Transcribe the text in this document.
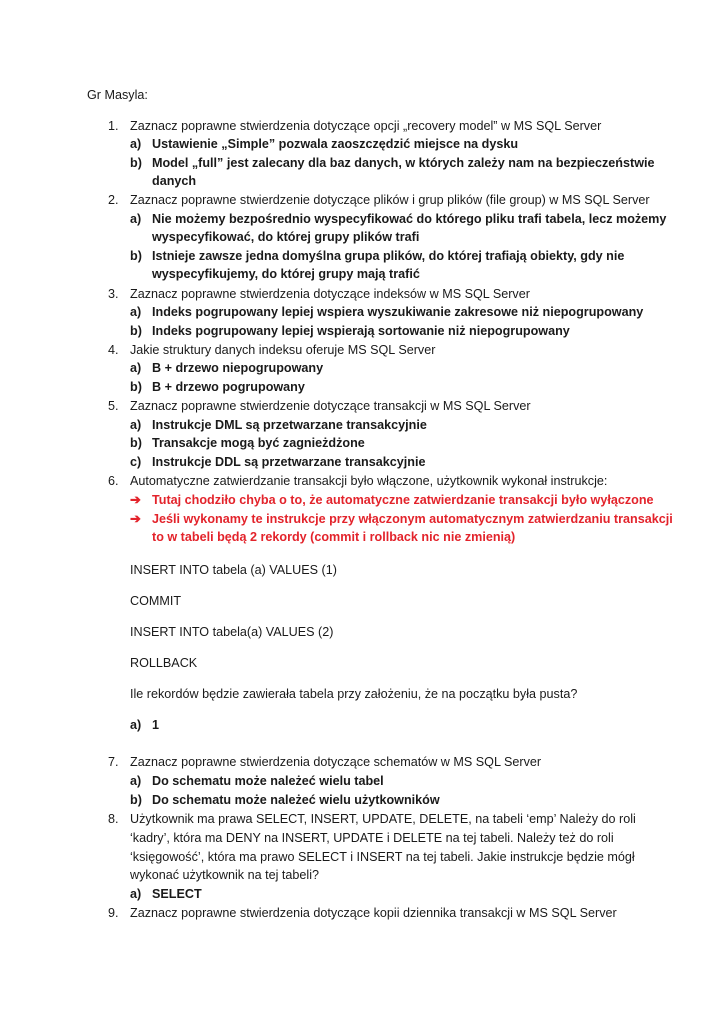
Gr Masyla:
1. Zaznacz poprawne stwierdzenia dotyczące opcji „recovery model” w MS SQL Server
a) Ustawienie „Simple” pozwala zaoszczędzić miejsce na dysku
b) Model „full” jest zalecany dla baz danych, w których zależy nam na bezpieczeństwie
danych
2. Zaznacz poprawne stwierdzenie dotyczące plików i grup plików (file group) w MS SQL Server
a) Nie możemy bezpośrednio wyspecyfikować do którego pliku trafi tabela, lecz możemy
wyspecyfikować, do której grupy plików trafi
b) Istnieje zawsze jedna domyślna grupa plików, do której trafiają obiekty, gdy nie
wyspecyfikujemy, do której grupy mają trafić
3. Zaznacz poprawne stwierdzenia dotyczące indeksów w MS SQL Server
a) Indeks pogrupowany lepiej wspiera wyszukiwanie zakresowe niż niepogrupowany
b) Indeks pogrupowany lepiej wspierają sortowanie niż niepogrupowany
4. Jakie struktury danych indeksu oferuje MS SQL Server
a) B + drzewo niepogrupowany
b) B + drzewo pogrupowany
5. Zaznacz poprawne stwierdzenie dotyczące transakcji w MS SQL Server
a) Instrukcje DML są przetwarzane transakcyjnie
b) Transakcje mogą być zagnieżdżone
c) Instrukcje DDL są przetwarzane transakcyjnie
6. Automatyczne zatwierdzanie transakcji było włączone, użytkownik wykonał instrukcje:
➔ Tutaj chodziło chyba o to, że automatyczne zatwierdzanie transakcji było wyłączone
➔ Jeśli wykonamy te instrukcje przy włączonym automatycznym zatwierdzaniu transakcji
to w tabeli będą 2 rekordy (commit i rollback nic nie zmienią)
INSERT INTO tabela (a) VALUES (1)
COMMIT
INSERT INTO tabela(a) VALUES (2)
ROLLBACK
Ile rekordów będzie zawierała tabela przy założeniu, że na początku była pusta?
a) 1
7. Zaznacz poprawne stwierdzenia dotyczące schematów w MS SQL Server
a) Do schematu może należeć wielu tabel
b) Do schematu może należeć wielu użytkowników
8. Użytkownik ma prawa SELECT, INSERT, UPDATE, DELETE, na tabeli ‘emp’ Należy do roli
‘kadry’, która ma DENY na INSERT, UPDATE i DELETE na tej tabeli. Należy też do roli
‘księgowość’, która ma prawo SELECT i INSERT na tej tabeli. Jakie instrukcje będzie mógł
wykonać użytkownik na tej tabeli?
a) SELECT
9. Zaznacz poprawne stwierdzenia dotyczące kopii dziennika transakcji w MS SQL Server
